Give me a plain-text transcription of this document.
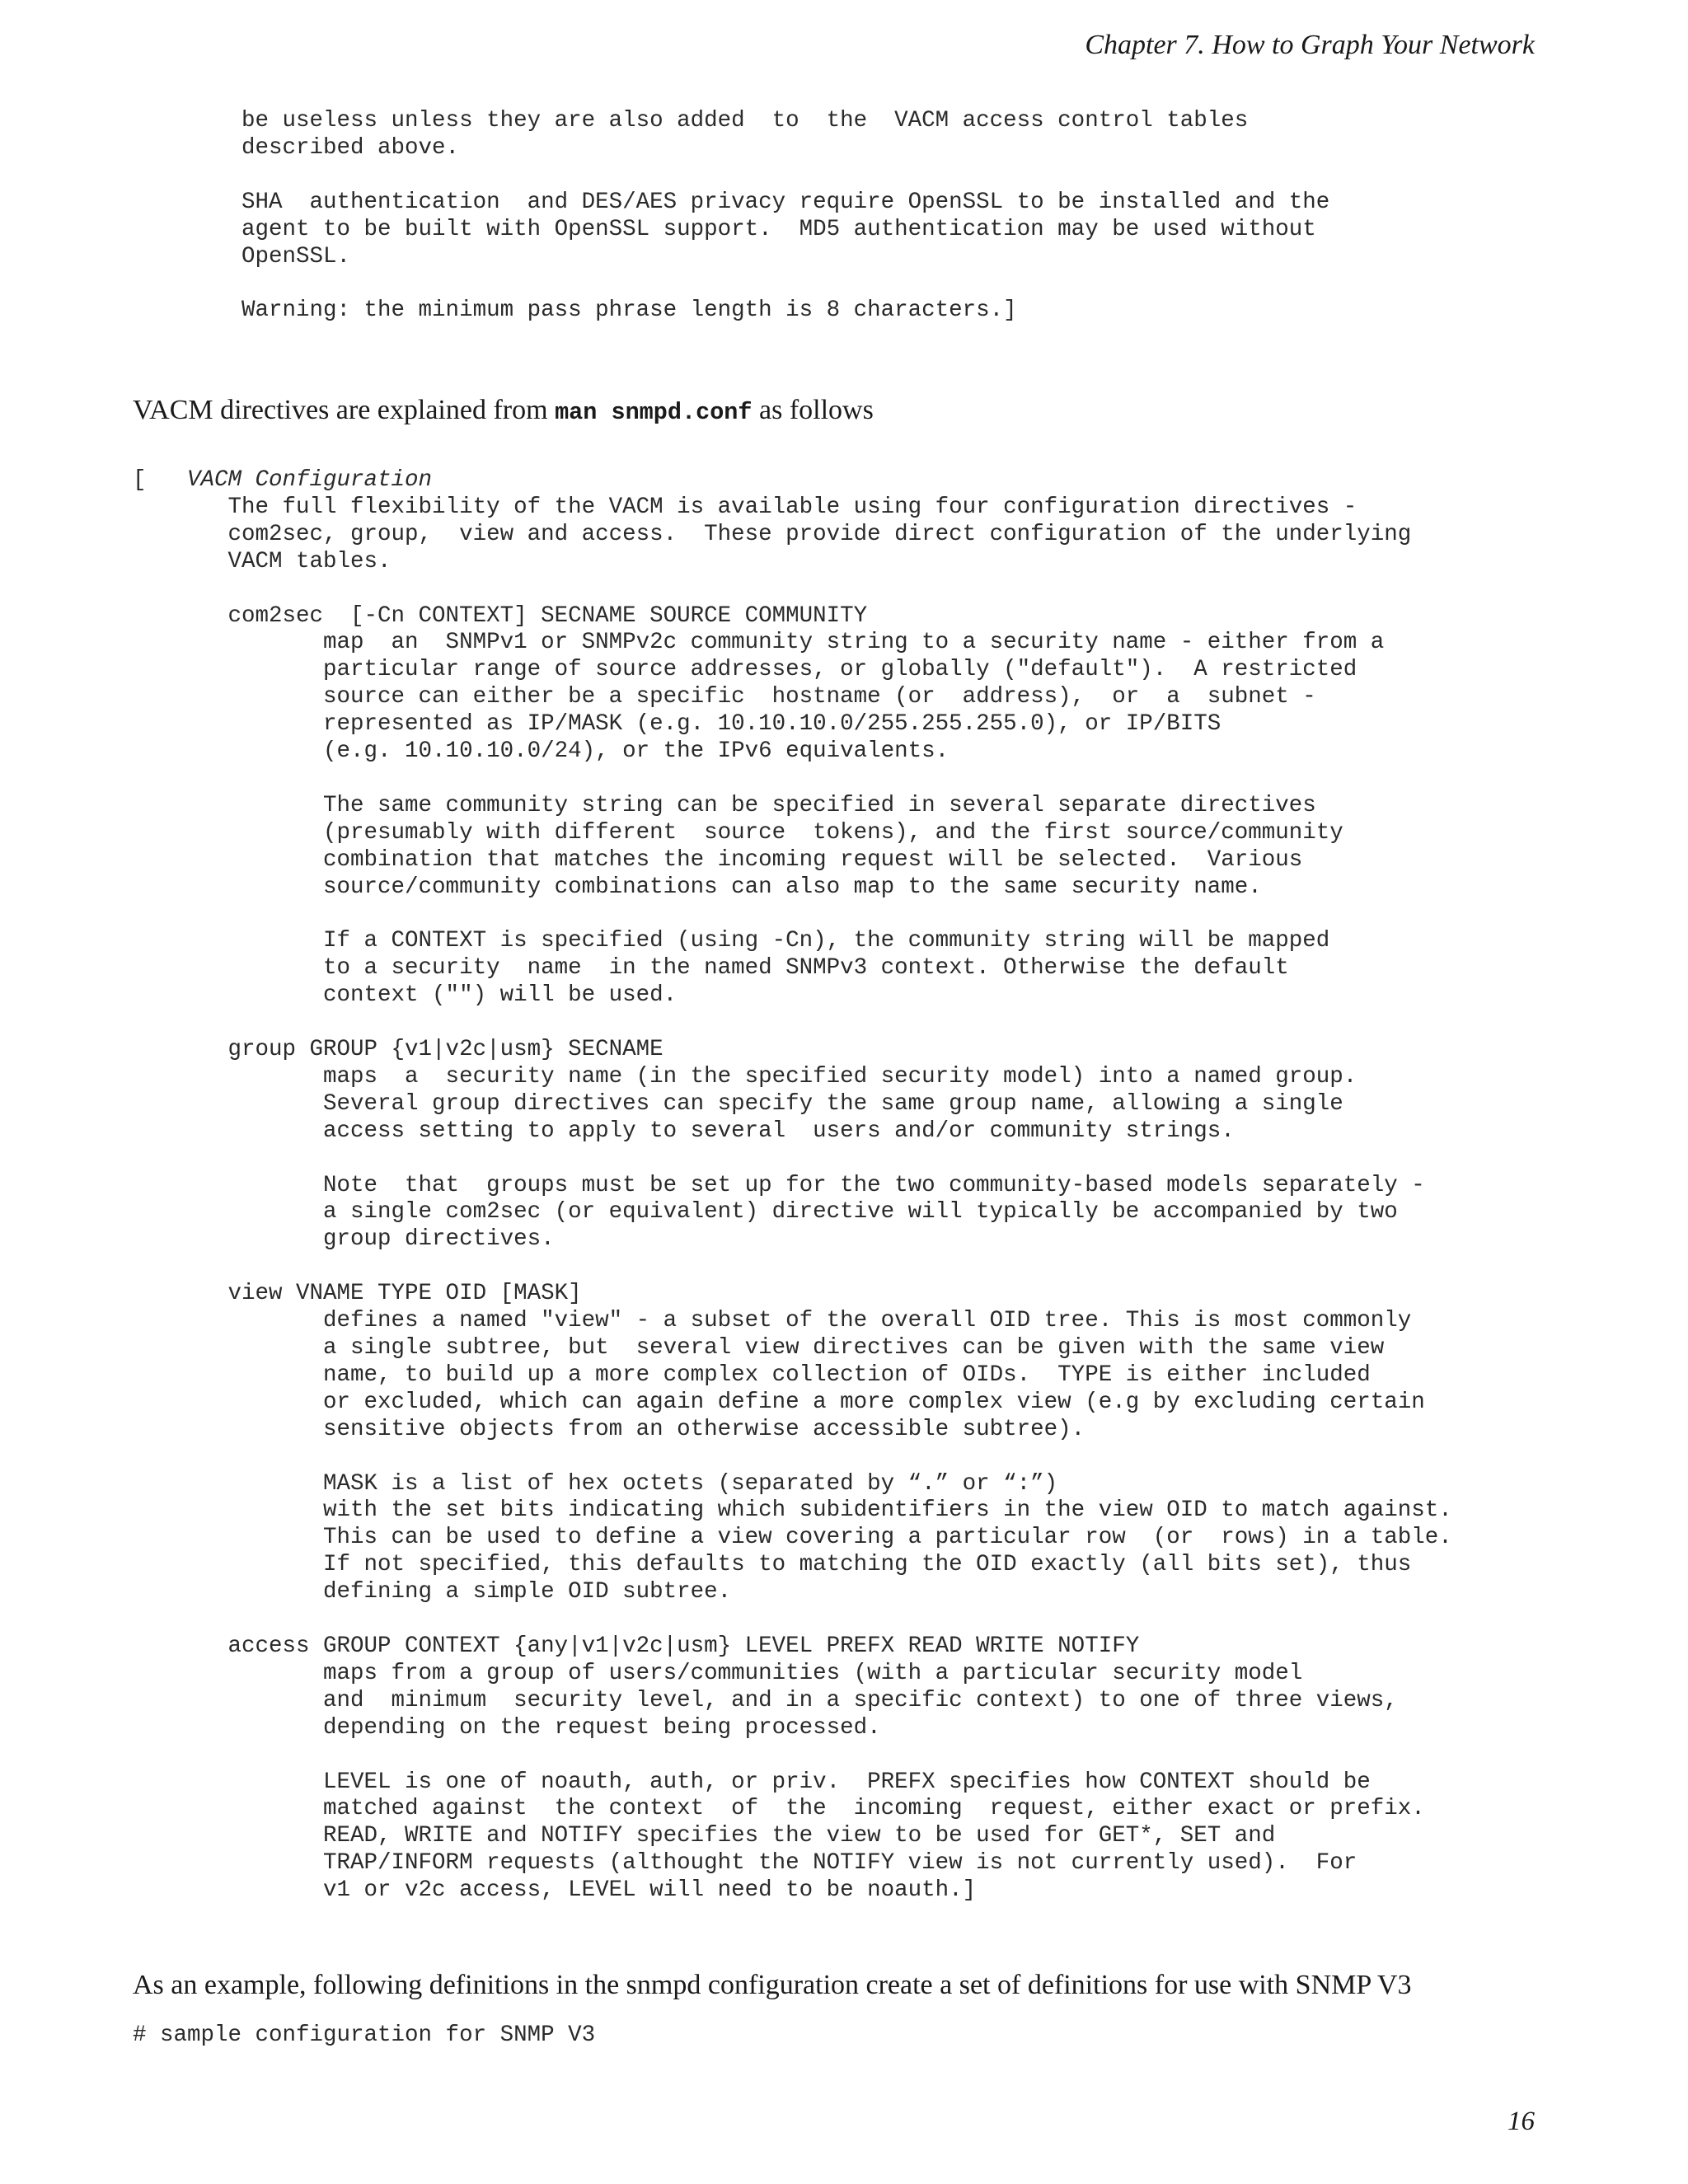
Chapter 7. How to Graph Your Network
be useless unless they are also added  to  the  VACM access control tables
described above.

SHA  authentication  and DES/AES privacy require OpenSSL to be installed and the
agent to be built with OpenSSL support.  MD5 authentication may be used without
OpenSSL.

Warning: the minimum pass phrase length is 8 characters.]
VACM directives are explained from man snmpd.conf as follows
[   VACM Configuration
The full flexibility of the VACM is available using four configuration directives -
com2sec, group,  view and access.  These provide direct configuration of the underlying
VACM tables.

com2sec  [-Cn CONTEXT] SECNAME SOURCE COMMUNITY
map  an  SNMPv1 or SNMPv2c community string to a security name - either from a
particular range of source addresses, or globally ("default").  A restricted
source can either be a specific  hostname (or  address),  or  a  subnet -
represented as IP/MASK (e.g. 10.10.10.0/255.255.255.0), or IP/BITS
(e.g. 10.10.10.0/24), or the IPv6 equivalents.

The same community string can be specified in several separate directives
(presumably with different  source  tokens), and the first source/community
combination that matches the incoming request will be selected.  Various
source/community combinations can also map to the same security name.

If a CONTEXT is specified (using -Cn), the community string will be mapped
to a security  name  in the named SNMPv3 context. Otherwise the default
context ("") will be used.

group GROUP {v1|v2c|usm} SECNAME
maps  a  security name (in the specified security model) into a named group.
Several group directives can specify the same group name, allowing a single
access setting to apply to several  users and/or community strings.

Note  that  groups must be set up for the two community-based models separately -
a single com2sec (or equivalent) directive will typically be accompanied by two
group directives.

view VNAME TYPE OID [MASK]
defines a named "view" - a subset of the overall OID tree. This is most commonly
a single subtree, but  several view directives can be given with the same view
name, to build up a more complex collection of OIDs.  TYPE is either included
or excluded, which can again define a more complex view (e.g by excluding certain
sensitive objects from an otherwise accessible subtree).

MASK is a list of hex octets (separated by “.” or “:”)
with the set bits indicating which subidentifiers in the view OID to match against.
This can be used to define a view covering a particular row  (or  rows) in a table.
If not specified, this defaults to matching the OID exactly (all bits set), thus
defining a simple OID subtree.

access GROUP CONTEXT {any|v1|v2c|usm} LEVEL PREFX READ WRITE NOTIFY
maps from a group of users/communities (with a particular security model
and  minimum  security level, and in a specific context) to one of three views,
depending on the request being processed.

LEVEL is one of noauth, auth, or priv.  PREFX specifies how CONTEXT should be
matched against  the context  of  the  incoming  request, either exact or prefix.
READ, WRITE and NOTIFY specifies the view to be used for GET*, SET and
TRAP/INFORM requests (althought the NOTIFY view is not currently used).  For
v1 or v2c access, LEVEL will need to be noauth.]
As an example, following definitions in the snmpd configuration create a set of definitions for use with SNMP V3
# sample configuration for SNMP V3
16
